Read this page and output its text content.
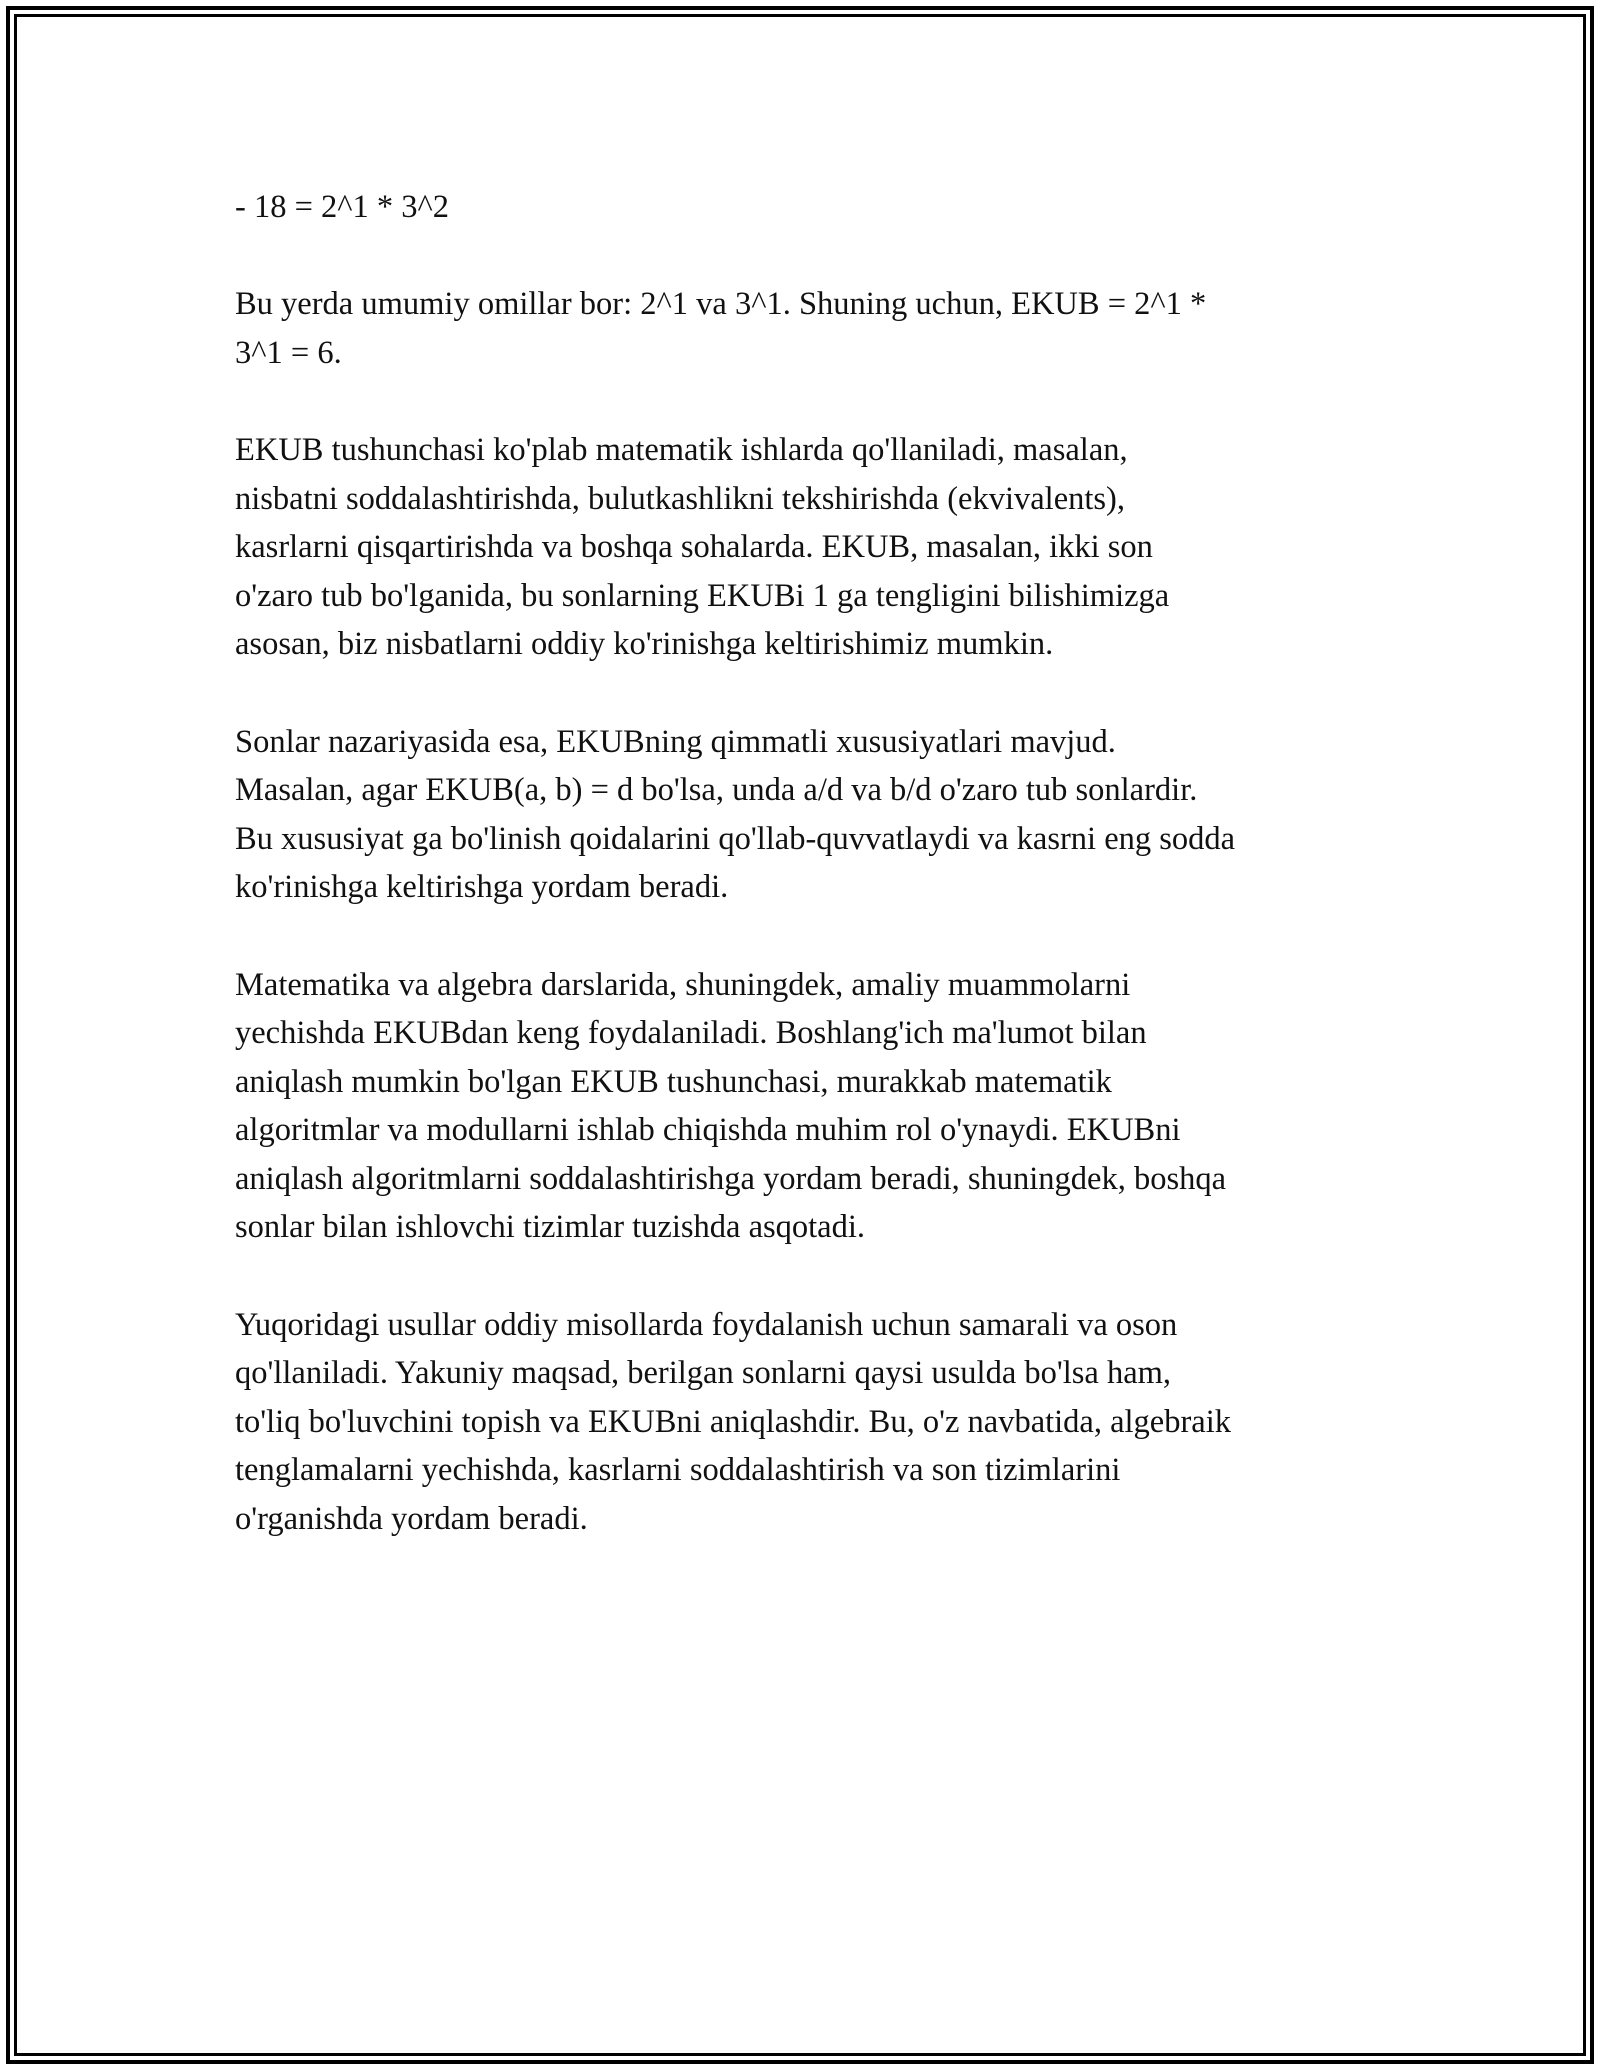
- 18 = 2^1 * 3^2

Bu yerda umumiy omillar bor: 2^1 va 3^1. Shuning uchun, EKUB = 2^1 *
3^1 = 6.

EKUB tushunchasi ko'plab matematik ishlarda qo'llaniladi, masalan,
nisbatni soddalashtirishda, bulutkashlikni tekshirishda (ekvivalents),
kasrlarni qisqartirishda va boshqa sohalarda. EKUB, masalan, ikki son
o'zaro tub bo'lganida, bu sonlarning EKUBi 1 ga tengligini bilishimizga
asosan, biz nisbatlarni oddiy ko'rinishga keltirishimiz mumkin.

Sonlar nazariyasida esa, EKUBning qimmatli xususiyatlari mavjud.
Masalan, agar EKUB(a, b) = d bo'lsa, unda a/d va b/d o'zaro tub sonlardir.
Bu xususiyat ga bo'linish qoidalarini qo'llab-quvvatlaydi va kasrni eng sodda
ko'rinishga keltirishga yordam beradi.

Matematika va algebra darslarida, shuningdek, amaliy muammolarni
yechishda EKUBdan keng foydalaniladi. Boshlang'ich ma'lumot bilan
aniqlash mumkin bo'lgan EKUB tushunchasi, murakkab matematik
algoritmlar va modullarni ishlab chiqishda muhim rol o'ynaydi. EKUBni
aniqlash algoritmlarni soddalashtirishga yordam beradi, shuningdek, boshqa
sonlar bilan ishlovchi tizimlar tuzishda asqotadi.

Yuqoridagi usullar oddiy misollarda foydalanish uchun samarali va oson
qo'llaniladi. Yakuniy maqsad, berilgan sonlarni qaysi usulda bo'lsa ham,
to'liq bo'luvchini topish va EKUBni aniqlashdir. Bu, o'z navbatida, algebraik
tenglamalarni yechishda, kasrlarni soddalashtirish va son tizimlarini
o'rganishda yordam beradi.
